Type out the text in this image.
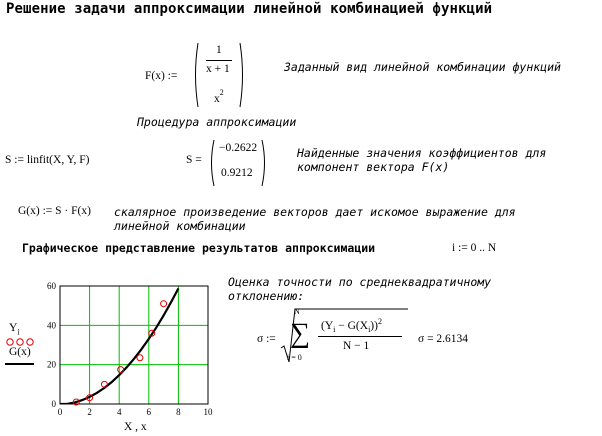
Решение задачи аппроксимации линейной комбинацией функций
F(x) :=
1
x + 1
$x^2$
Заданный вид линейной комбинации функций
Процедура аппроксимации
S := linfit(X, Y, F)	S =
−0.2622
0.9212
Найденные значения коэффициентов для
компонент вектора F(x)
G(x) := S · F(x) скалярное произведение векторов дает искомое выражение для
линейной комбинации
Графическое представление результатов аппроксимации	i := 0 .. N
Оценка точности по среднеквадратичному
отклонению:
σ :=
N
∑
i = 0
$(Y_i - G(X_i))^2$
N − 1
σ = 2.6134
$Y_i$
G(x)
0	2	4	6	8	10
0
20
40
60
X , x
